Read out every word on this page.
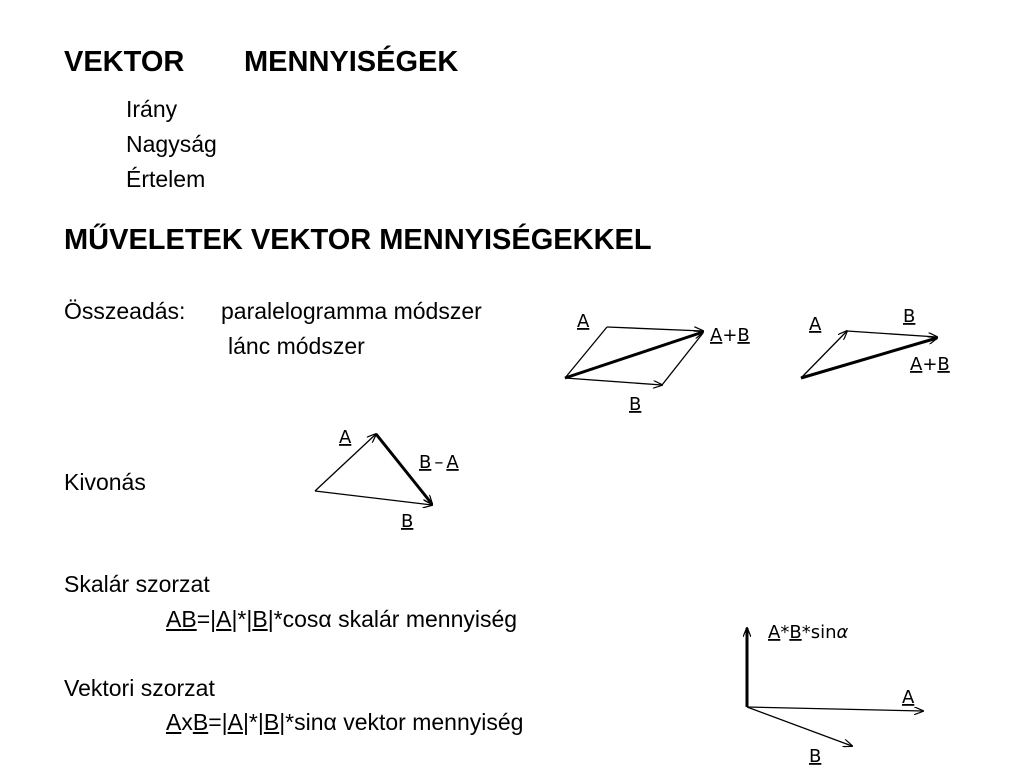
VEKTOR MENNYISÉGEK
Irány
Nagyság
Értelem
MŰVELETEK VEKTOR MENNYISÉGEKKEL
Összeadás: paralelogramma módszer
lánc módszer
Kivonás
Skalár szorzat
AB=|A|*|B|*cosα skalár mennyiség
Vektori szorzat
AxB=|A|*|B|*sinα vektor mennyiség
A
B
A+B
A	B
A+B
A
B
B – A
A*B*sinα
A
B
